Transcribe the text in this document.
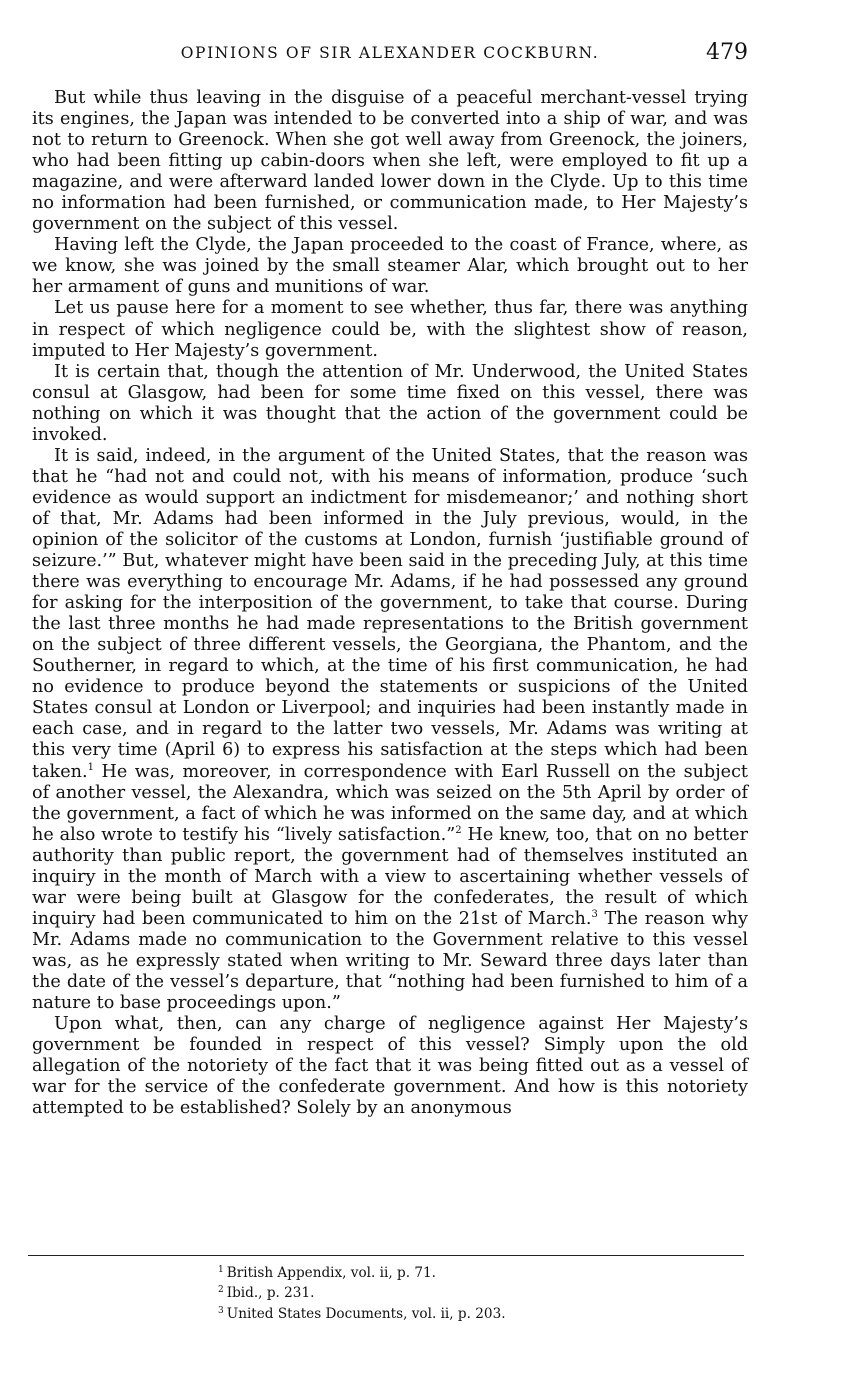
OPINIONS OF SIR ALEXANDER COCKBURN.	479

But while thus leaving in the disguise of a peaceful merchant-vessel trying its engines, the Japan was intended to be converted into a ship of war, and was not to return to Greenock. When she got well away from Greenock, the joiners, who had been fitting up cabin-doors when she left, were employed to fit up a magazine, and were afterward landed lower down in the Clyde. Up to this time no information had been furnished, or communication made, to Her Majesty’s government on the subject of this vessel.

Having left the Clyde, the Japan proceeded to the coast of France, where, as we know, she was joined by the small steamer Alar, which brought out to her her armament of guns and munitions of war.

Let us pause here for a moment to see whether, thus far, there was anything in respect of which negligence could be, with the slightest show of reason, imputed to Her Majesty’s government.

It is certain that, though the attention of Mr. Underwood, the United States consul at Glasgow, had been for some time fixed on this vessel, there was nothing on which it was thought that the action of the government could be invoked.

It is said, indeed, in the argument of the United States, that the reason was that he “had not and could not, with his means of information, produce ‘such evidence as would support an indictment for misdemeanor;’ and nothing short of that, Mr. Adams had been informed in the July previous, would, in the opinion of the solicitor of the customs at London, furnish ‘justifiable ground of seizure.’” But, whatever might have been said in the preceding July, at this time there was everything to encourage Mr. Adams, if he had possessed any ground for asking for the interposition of the government, to take that course. During the last three months he had made representations to the British government on the subject of three different vessels, the Georgiana, the Phantom, and the Southerner, in regard to which, at the time of his first communication, he had no evidence to produce beyond the statements or suspicions of the United States consul at London or Liverpool; and inquiries had been instantly made in each case, and in regard to the latter two vessels, Mr. Adams was writing at this very time (April 6) to express his satisfaction at the steps which had been taken.$^1$ He was, moreover, in correspondence with Earl Russell on the subject of another vessel, the Alexandra, which was seized on the 5th April by order of the government, a fact of which he was informed on the same day, and at which he also wrote to testify his “lively satisfaction.”$^2$ He knew, too, that on no better authority than public report, the government had of themselves instituted an inquiry in the month of March with a view to ascertaining whether vessels of war were being built at Glasgow for the confederates, the result of which inquiry had been communicated to him on the 21st of March.$^3$ The reason why Mr. Adams made no communication to the Government relative to this vessel was, as he expressly stated when writing to Mr. Seward three days later than the date of the vessel’s departure, that “nothing had been furnished to him of a nature to base proceedings upon.”

Upon what, then, can any charge of negligence against Her Majesty’s government be founded in respect of this vessel? Simply upon the old allegation of the notoriety of the fact that it was being fitted out as a vessel of war for the service of the confederate government. And how is this notoriety attempted to be established? Solely by an anonymous

$^1$ British Appendix, vol. ii, p. 71.
$^2$ Ibid., p. 231.
$^3$ United States Documents, vol. ii, p. 203.
